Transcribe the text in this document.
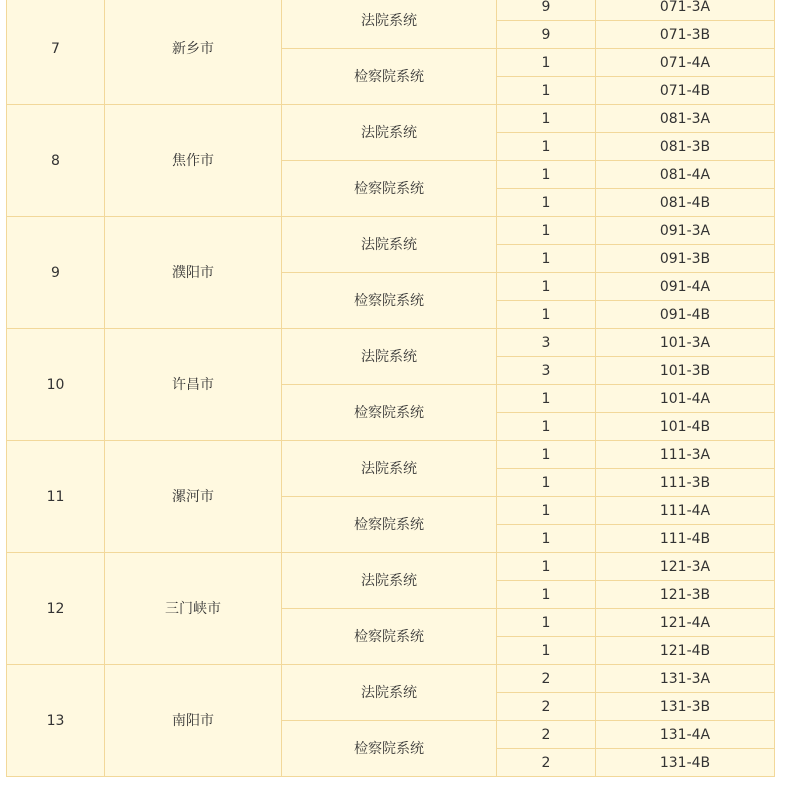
7	新乡市	法院系统	9	071-3A
			9	071-3B
		检察院系统	1	071-4A
			1	071-4B
8	焦作市	法院系统	1	081-3A
			1	081-3B
		检察院系统	1	081-4A
			1	081-4B
9	濮阳市	法院系统	1	091-3A
			1	091-3B
		检察院系统	1	091-4A
			1	091-4B
10	许昌市	法院系统	3	101-3A
			3	101-3B
		检察院系统	1	101-4A
			1	101-4B
11	漯河市	法院系统	1	111-3A
			1	111-3B
		检察院系统	1	111-4A
			1	111-4B
12	三门峡市	法院系统	1	121-3A
			1	121-3B
		检察院系统	1	121-4A
			1	121-4B
13	南阳市	法院系统	2	131-3A
			2	131-3B
		检察院系统	2	131-4A
			2	131-4B
